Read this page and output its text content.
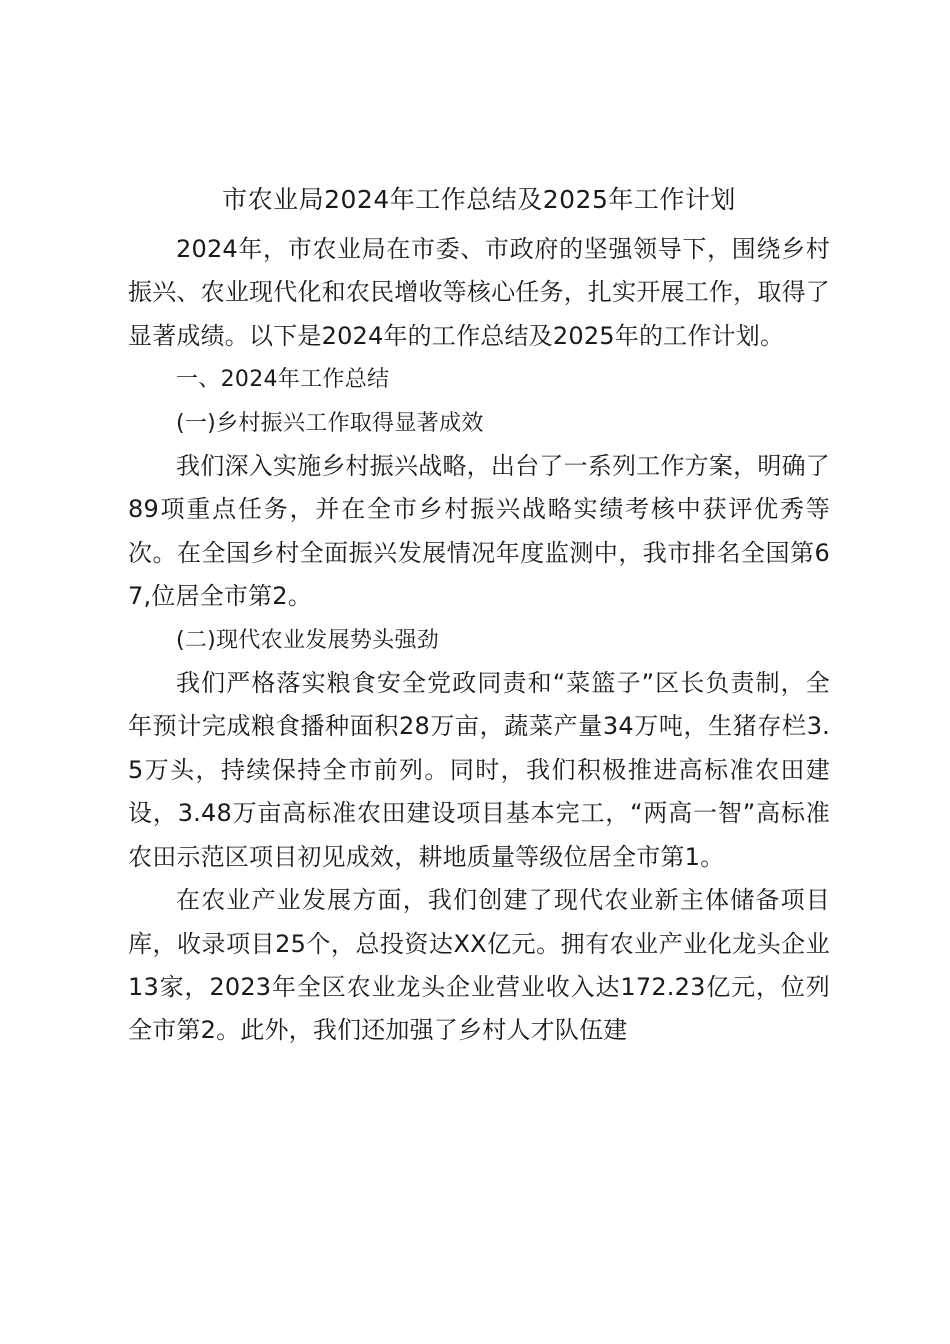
市农业局2024年工作总结及2025年工作计划

2024年，市农业局在市委、市政府的坚强领导下，围绕乡村振兴、农业现代化和农民增收等核心任务，扎实开展工作，取得了显著成绩。以下是2024年的工作总结及2025年的工作计划。

一、2024年工作总结

(一)乡村振兴工作取得显著成效

我们深入实施乡村振兴战略，出台了一系列工作方案，明确了89项重点任务，并在全市乡村振兴战略实绩考核中获评优秀等次。在全国乡村全面振兴发展情况年度监测中，我市排名全国第67,位居全市第2。

(二)现代农业发展势头强劲

我们严格落实粮食安全党政同责和“菜篮子”区长负责制，全年预计完成粮食播种面积28万亩，蔬菜产量34万吨，生猪存栏3.5万头，持续保持全市前列。同时，我们积极推进高标准农田建设，3.48万亩高标准农田建设项目基本完工，“两高一智”高标准农田示范区项目初见成效，耕地质量等级位居全市第1。

在农业产业发展方面，我们创建了现代农业新主体储备项目库，收录项目25个，总投资达XX亿元。拥有农业产业化龙头企业13家，2023年全区农业龙头企业营业收入达172.23亿元，位列全市第2。此外，我们还加强了乡村人才队伍建
